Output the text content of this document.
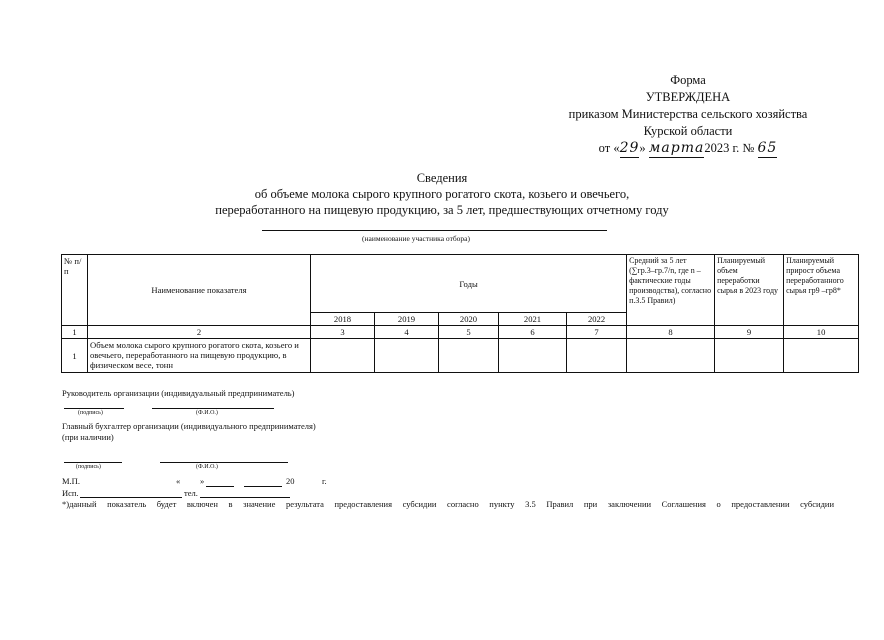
Форма
УТВЕРЖДЕНА
приказом Министерства сельского хозяйства
Курской области
от «29» марта2023 г. № 65
Сведения
об объеме молока сырого крупного рогатого скота, козьего и овечьего,
переработанного на пищевую продукцию, за 5 лет, предшествующих отчетному году
(наименование участника отбора)
№ п/п	Наименование показателя	Годы					Средний за 5 лет (∑гр.3–гр.7/n, где n – фактические годы производства), согласно п.3.5 Правил)	Планируемый объем переработки сырья в 2023 году	Планируемый прирост объема переработанного сырья гр9 –гр8*
		2018	2019	2020	2021	2022			
1	2	3	4	5	6	7	8	9	10
1	Объем молока сырого крупного рогатого скота, козьего и овечьего, переработанного на пищевую продукцию, в физическом весе, тонн								
Руководитель организации (индивидуальный предприниматель)
(подпись)	(Ф.И.О.)
Главный бухгалтер организации (индивидуального предпринимателя)
(при наличии)
(подпись)	(Ф.И.О.)
М.П.	« »	20	г.
Исп.	тел.
*)данный показатель будет включен в значение результата предоставления субсидии согласно пункту 3.5 Правил при заключении Соглашения о предоставлении субсидии
